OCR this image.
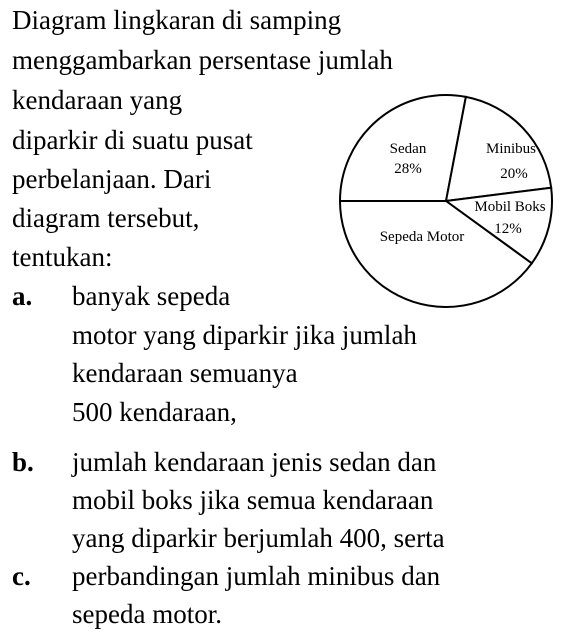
Diagram lingkaran di samping
menggambarkan persentase jumlah
kendaraan yang
diparkir di suatu pusat
perbelanjaan. Dari
diagram tersebut,
tentukan:
a. banyak sepeda
motor yang diparkir jika jumlah
kendaraan semuanya
500 kendaraan,
b. jumlah kendaraan jenis sedan dan
mobil boks jika semua kendaraan
yang diparkir berjumlah 400, serta
c. perbandingan jumlah minibus dan
sepeda motor.
Sedan
28%
Minibus
20%
Mobil Boks
12%
Sepeda Motor
